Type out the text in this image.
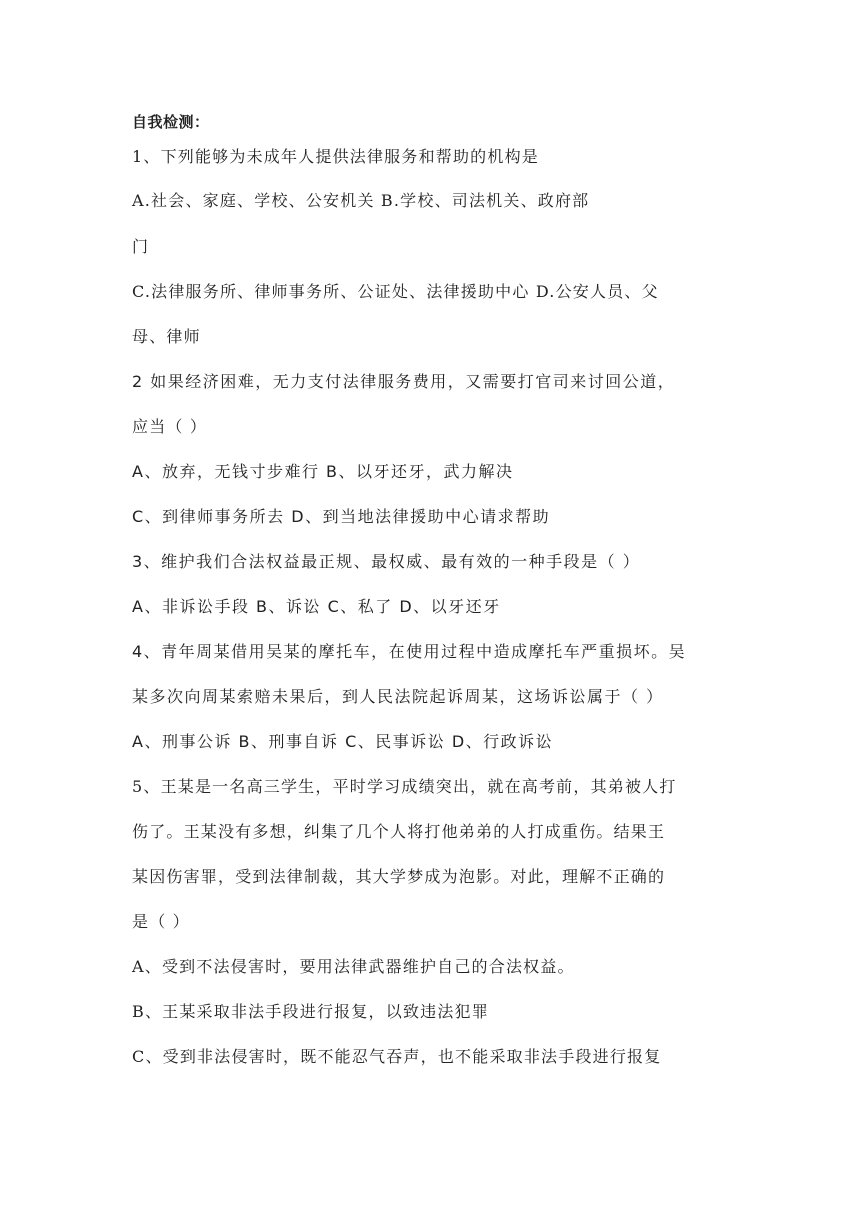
自我检测：
1、下列能够为未成年人提供法律服务和帮助的机构是
A.社会、家庭、学校、公安机关 B.学校、司法机关、政府部
门
C.法律服务所、律师事务所、公证处、法律援助中心 D.公安人员、父
母、律师
2 如果经济困难，无力支付法律服务费用，又需要打官司来讨回公道，
应当（ ）
A、放弃，无钱寸步难行 B、以牙还牙，武力解决
C、到律师事务所去 D、到当地法律援助中心请求帮助
3、维护我们合法权益最正规、最权威、最有效的一种手段是（ ）
A、非诉讼手段 B、诉讼 C、私了 D、以牙还牙
4、青年周某借用吴某的摩托车，在使用过程中造成摩托车严重损坏。吴
某多次向周某索赔未果后，到人民法院起诉周某，这场诉讼属于（ ）
A、刑事公诉 B、刑事自诉 C、民事诉讼 D、行政诉讼
5、王某是一名高三学生，平时学习成绩突出，就在高考前，其弟被人打
伤了。王某没有多想，纠集了几个人将打他弟弟的人打成重伤。结果王
某因伤害罪，受到法律制裁，其大学梦成为泡影。对此，理解不正确的
是（ ）
A、受到不法侵害时，要用法律武器维护自己的合法权益。
B、王某采取非法手段进行报复，以致违法犯罪
C、受到非法侵害时，既不能忍气吞声，也不能采取非法手段进行报复
